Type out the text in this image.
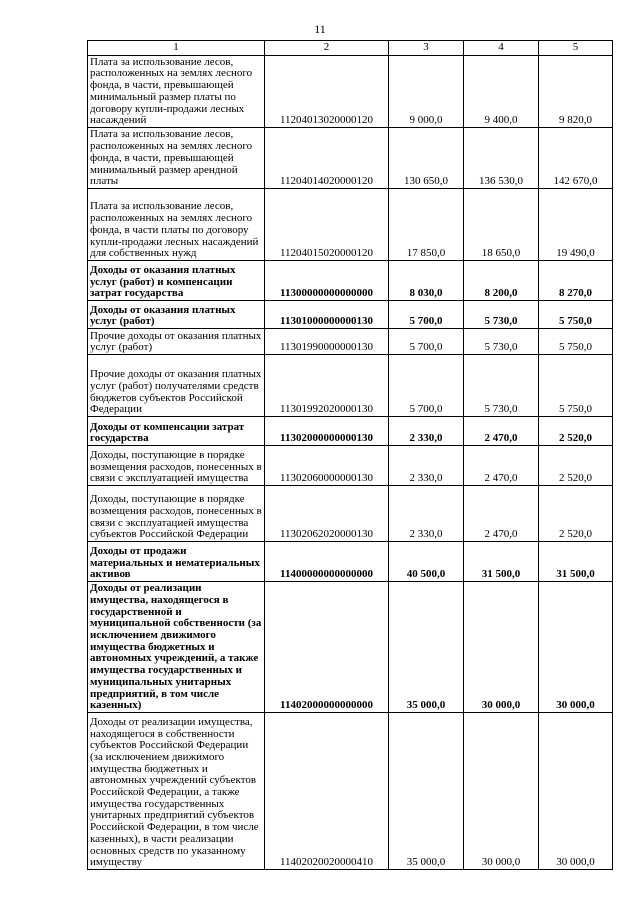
11
1	2	3	4	5
Плата за использование лесов, расположенных на землях лесного фонда, в части, превышающей минимальный размер платы по договору купли-продажи лесных насаждений	11204013020000120	9 000,0	9 400,0	9 820,0
Плата за использование лесов, расположенных на землях лесного фонда, в части, превышающей минимальный размер арендной платы	11204014020000120	130 650,0	136 530,0	142 670,0
Плата за использование лесов, расположенных на землях лесного фонда, в части платы по договору купли-продажи лесных насаждений для собственных нужд	11204015020000120	17 850,0	18 650,0	19 490,0
Доходы от оказания платных услуг (работ) и компенсации затрат государства	11300000000000000	8 030,0	8 200,0	8 270,0
Доходы от оказания платных услуг (работ)	11301000000000130	5 700,0	5 730,0	5 750,0
Прочие доходы от оказания платных услуг (работ)	11301990000000130	5 700,0	5 730,0	5 750,0
Прочие доходы от оказания платных услуг (работ) получателями средств бюджетов субъектов Российской Федерации	11301992020000130	5 700,0	5 730,0	5 750,0
Доходы от компенсации затрат государства	11302000000000130	2 330,0	2 470,0	2 520,0
Доходы, поступающие в порядке возмещения расходов, понесенных в связи с эксплуатацией имущества	11302060000000130	2 330,0	2 470,0	2 520,0
Доходы, поступающие в порядке возмещения расходов, понесенных в связи с эксплуатацией имущества субъектов Российской Федерации	11302062020000130	2 330,0	2 470,0	2 520,0
Доходы от продажи материальных и нематериальных активов	11400000000000000	40 500,0	31 500,0	31 500,0
Доходы от реализации имущества, находящегося в государственной и муниципальной собственности (за исключением движимого имущества бюджетных и автономных учреждений, а также имущества государственных и муниципальных унитарных предприятий, в том числе казенных)	11402000000000000	35 000,0	30 000,0	30 000,0
Доходы от реализации имущества, находящегося в собственности субъектов Российской Федерации (за исключением движимого имущества бюджетных и автономных учреждений субъектов Российской Федерации, а также имущества государственных унитарных предприятий субъектов Российской Федерации, в том числе казенных), в части реализации основных средств по указанному имуществу	11402020020000410	35 000,0	30 000,0	30 000,0
